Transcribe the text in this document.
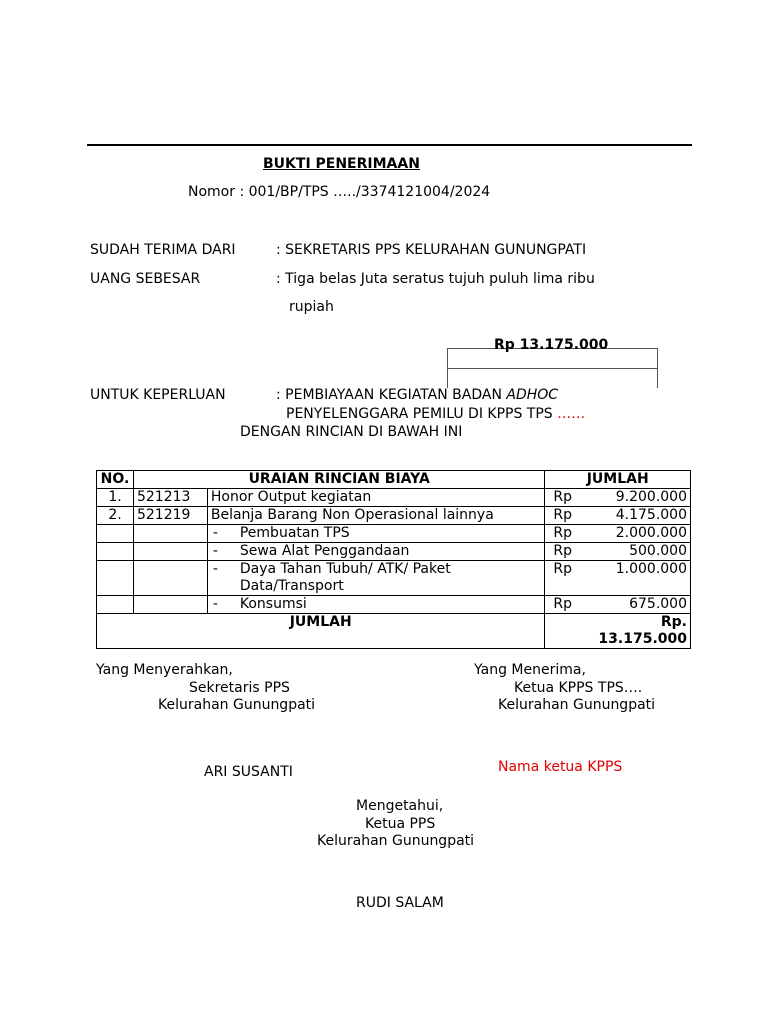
BUKTI PENERIMAAN
Nomor : 001/BP/TPS …../3374121004/2024
SUDAH TERIMA DARI	: SEKRETARIS PPS KELURAHAN GUNUNGPATI
UANG SEBESAR	: Tiga belas Juta seratus tujuh puluh lima ribu
rupiah
Rp 13.175.000
UNTUK KEPERLUAN	: PEMBIAYAAN KEGIATAN BADAN ADHOC
PENYELENGGARA PEMILU DI KPPS TPS ……
DENGAN RINCIAN DI BAWAH INI
NO.	URAIAN RINCIAN BIAYA		JUMLAH
1.	521213	Honor Output kegiatan	Rp 9.200.000

2.	521219	Belanja Barang Non Operasional lainnya	Rp 4.175.000

		- Pembuatan TPS	Rp 2.000.000

		- Sewa Alat Penggandaan	Rp 500.000

		- Daya Tahan Tubuh/ ATK/ Paket Data/Transport	Rp 1.000.000

		- Konsumsi	Rp 675.000

JUMLAH			Rp.
13.175.000
Yang Menyerahkan,
Sekretaris PPS
Kelurahan Gunungpati
ARI SUSANTI
Yang Menerima,
Ketua KPPS TPS….
Kelurahan Gunungpati
Nama ketua KPPS
Mengetahui,
Ketua PPS
Kelurahan Gunungpati
RUDI SALAM
